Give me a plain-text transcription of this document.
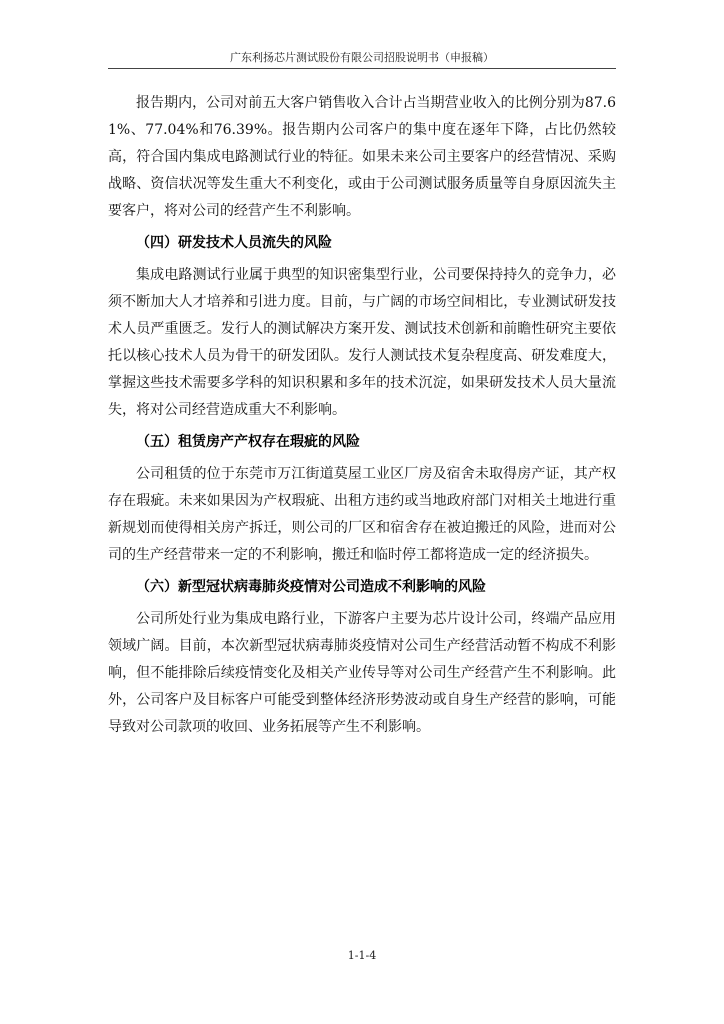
广东利扬芯片测试股份有限公司招股说明书（申报稿）

报告期内，公司对前五大客户销售收入合计占当期营业收入的比例分别为87.61%、77.04%和76.39%。报告期内公司客户的集中度在逐年下降，占比仍然较高，符合国内集成电路测试行业的特征。如果未来公司主要客户的经营情况、采购战略、资信状况等发生重大不利变化，或由于公司测试服务质量等自身原因流失主要客户，将对公司的经营产生不利影响。

（四）研发技术人员流失的风险

集成电路测试行业属于典型的知识密集型行业，公司要保持持久的竞争力，必须不断加大人才培养和引进力度。目前，与广阔的市场空间相比，专业测试研发技术人员严重匮乏。发行人的测试解决方案开发、测试技术创新和前瞻性研究主要依托以核心技术人员为骨干的研发团队。发行人测试技术复杂程度高、研发难度大，掌握这些技术需要多学科的知识积累和多年的技术沉淀，如果研发技术人员大量流失，将对公司经营造成重大不利影响。

（五）租赁房产产权存在瑕疵的风险

公司租赁的位于东莞市万江街道莫屋工业区厂房及宿舍未取得房产证，其产权存在瑕疵。未来如果因为产权瑕疵、出租方违约或当地政府部门对相关土地进行重新规划而使得相关房产拆迁，则公司的厂区和宿舍存在被迫搬迁的风险，进而对公司的生产经营带来一定的不利影响，搬迁和临时停工都将造成一定的经济损失。

（六）新型冠状病毒肺炎疫情对公司造成不利影响的风险

公司所处行业为集成电路行业，下游客户主要为芯片设计公司，终端产品应用领域广阔。目前，本次新型冠状病毒肺炎疫情对公司生产经营活动暂不构成不利影响，但不能排除后续疫情变化及相关产业传导等对公司生产经营产生不利影响。此外，公司客户及目标客户可能受到整体经济形势波动或自身生产经营的影响，可能导致对公司款项的收回、业务拓展等产生不利影响。

1-1-4
